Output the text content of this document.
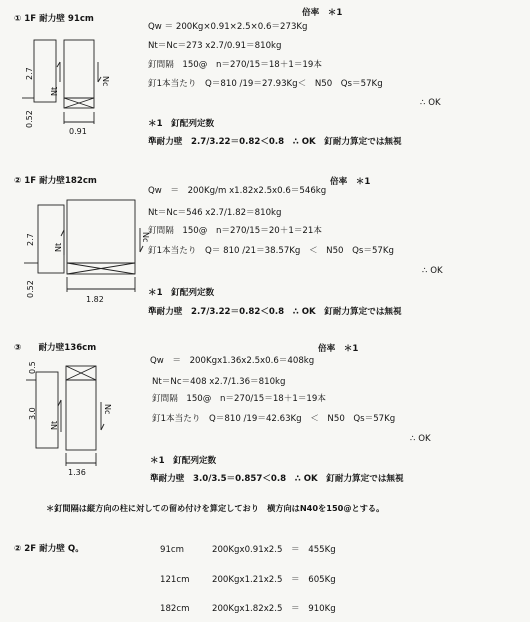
① 1F 耐力壁 91cm
倍率　＊1
Qw ＝ 200Kg×0.91×2.5×0.6＝273Kg
Nt＝Nc＝273 x2.7/0.91＝810kg
釘間隔　150@　n＝270/15＝18＋1＝19本
釘1本当たり　Q＝810 /19＝27.93Kg＜　N50　Qs＝57Kg
∴ OK
＊1　釘配列定数
準耐力壁　2.7/3.22＝0.82＜0.8　∴ OK　釘耐力算定では無視
2.7
0.52
Nt
Nc
0.91
② 1F 耐力壁182cm	倍率　＊1
Qw　＝　200Kg/m x1.82x2.5x0.6＝546kg
Nt＝Nc＝546 x2.7/1.82＝810kg
釘間隔　150@　n＝270/15＝20＋1＝21本
釘1本当たり　Q＝ 810 /21＝38.57Kg　＜　N50　Qs＝57Kg
∴ OK
＊1　釘配列定数
準耐力壁　2.7/3.22＝0.82＜0.8　∴ OK　釘耐力算定では無視
2.7
0.52
Nt
Nc
1.82
③　　耐力壁136cm	倍率　＊1
Qw　＝　200Kgx1.36x2.5x0.6＝408kg
Nt＝Nc＝408 x2.7/1.36＝810kg
釘間隔　150@　n＝270/15＝18＋1＝19本
釘1本当たり　Q＝810 /19＝42.63Kg　＜　N50　Qs＝57Kg
∴ OK
＊1　釘配列定数
準耐力壁　3.0/3.5＝0.857＜0.8　∴ OK　釘耐力算定では無視
0.5
3.0
Nt
Nc
1.36
＊釘間隔は縦方向の柱に対しての留め付けを算定しており　横方向はN40を150@とする。
② 2F 耐力壁 Q。	91cm	200Kgx0.91x2.5　＝　455Kg
121cm	200Kgx1.21x2.5　＝　605Kg
182cm	200Kgx1.82x2.5　＝　910Kg
